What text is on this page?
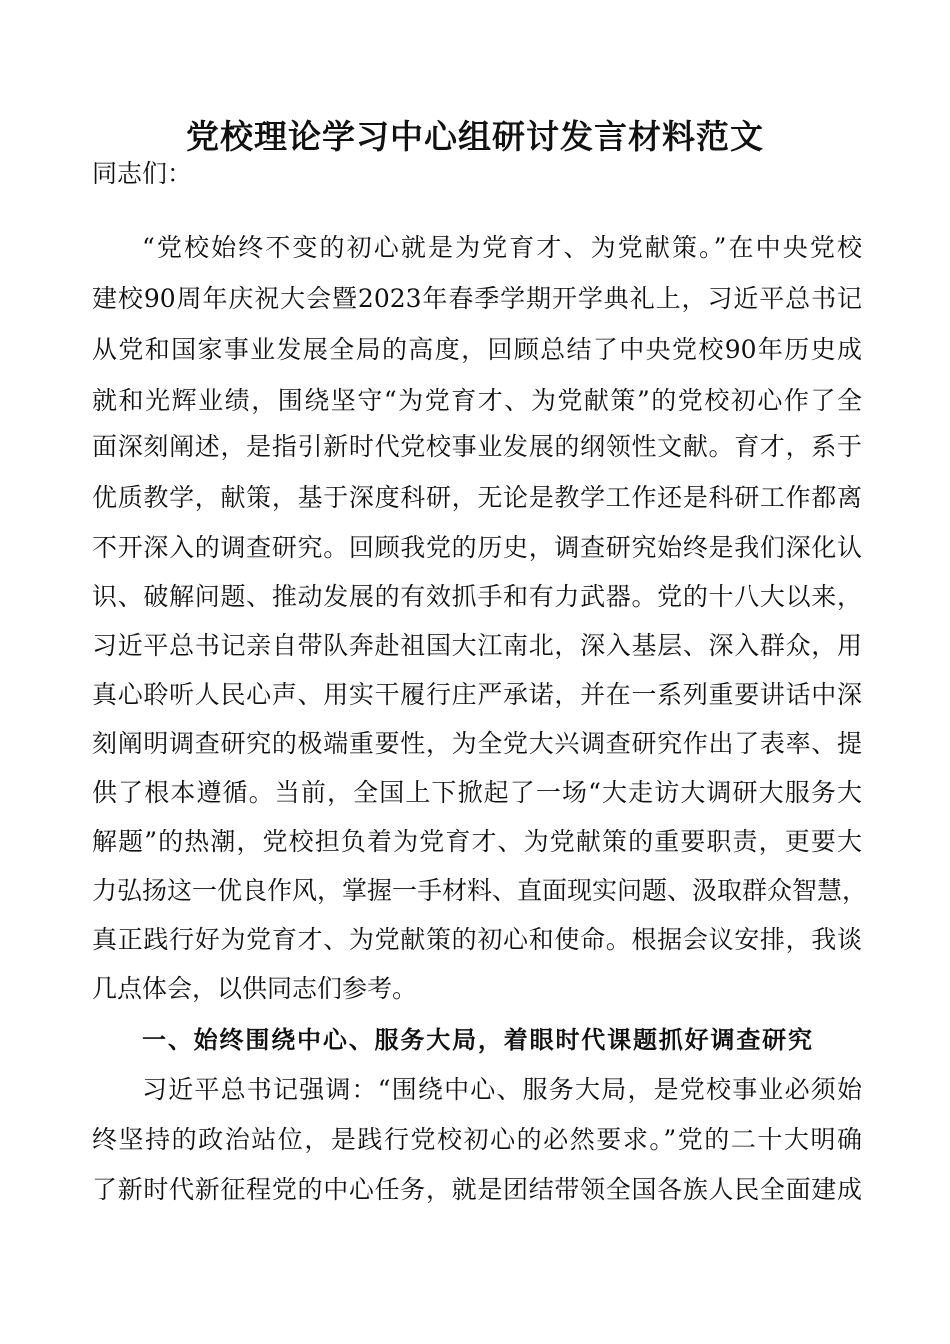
党校理论学习中心组研讨发言材料范文
同志们：
“党校始终不变的初心就是为党育才、为党献策。”在中央党校
建校90周年庆祝大会暨2023年春季学期开学典礼上，习近平总书记
从党和国家事业发展全局的高度，回顾总结了中央党校90年历史成
就和光辉业绩，围绕坚守“为党育才、为党献策”的党校初心作了全
面深刻阐述，是指引新时代党校事业发展的纲领性文献。育才，系于
优质教学，献策，基于深度科研，无论是教学工作还是科研工作都离
不开深入的调查研究。回顾我党的历史，调查研究始终是我们深化认
识、破解问题、推动发展的有效抓手和有力武器。党的十八大以来，
习近平总书记亲自带队奔赴祖国大江南北，深入基层、深入群众，用
真心聆听人民心声、用实干履行庄严承诺，并在一系列重要讲话中深
刻阐明调查研究的极端重要性，为全党大兴调查研究作出了表率、提
供了根本遵循。当前，全国上下掀起了一场“大走访大调研大服务大
解题”的热潮，党校担负着为党育才、为党献策的重要职责，更要大
力弘扬这一优良作风，掌握一手材料、直面现实问题、汲取群众智慧，
真正践行好为党育才、为党献策的初心和使命。根据会议安排，我谈
几点体会，以供同志们参考。
一、始终围绕中心、服务大局，着眼时代课题抓好调查研究
习近平总书记强调：“围绕中心、服务大局，是党校事业必须始
终坚持的政治站位，是践行党校初心的必然要求。”党的二十大明确
了新时代新征程党的中心任务，就是团结带领全国各族人民全面建成
